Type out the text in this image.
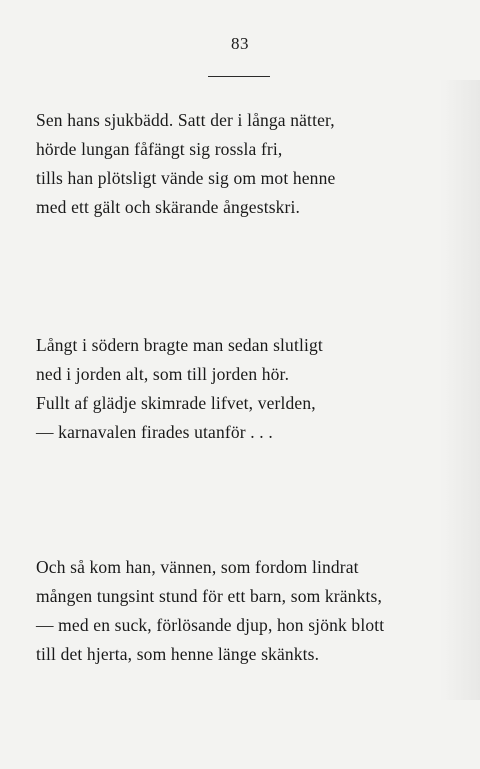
83
Sen hans sjukbädd. Satt der i långa nätter,
hörde lungan fåfängt sig rossla fri,
tills han plötsligt vände sig om mot henne
med ett gält och skärande ångestskri.
Långt i södern bragte man sedan slutligt
ned i jorden alt, som till jorden hör.
Fullt af glädje skimrade lifvet, verlden,
— karnavalen firades utanför . . .
Och så kom han, vännen, som fordom lindrat
mången tungsint stund för ett barn, som kränkts,
— med en suck, förlösande djup, hon sjönk blott
till det hjerta, som henne länge skänkts.
